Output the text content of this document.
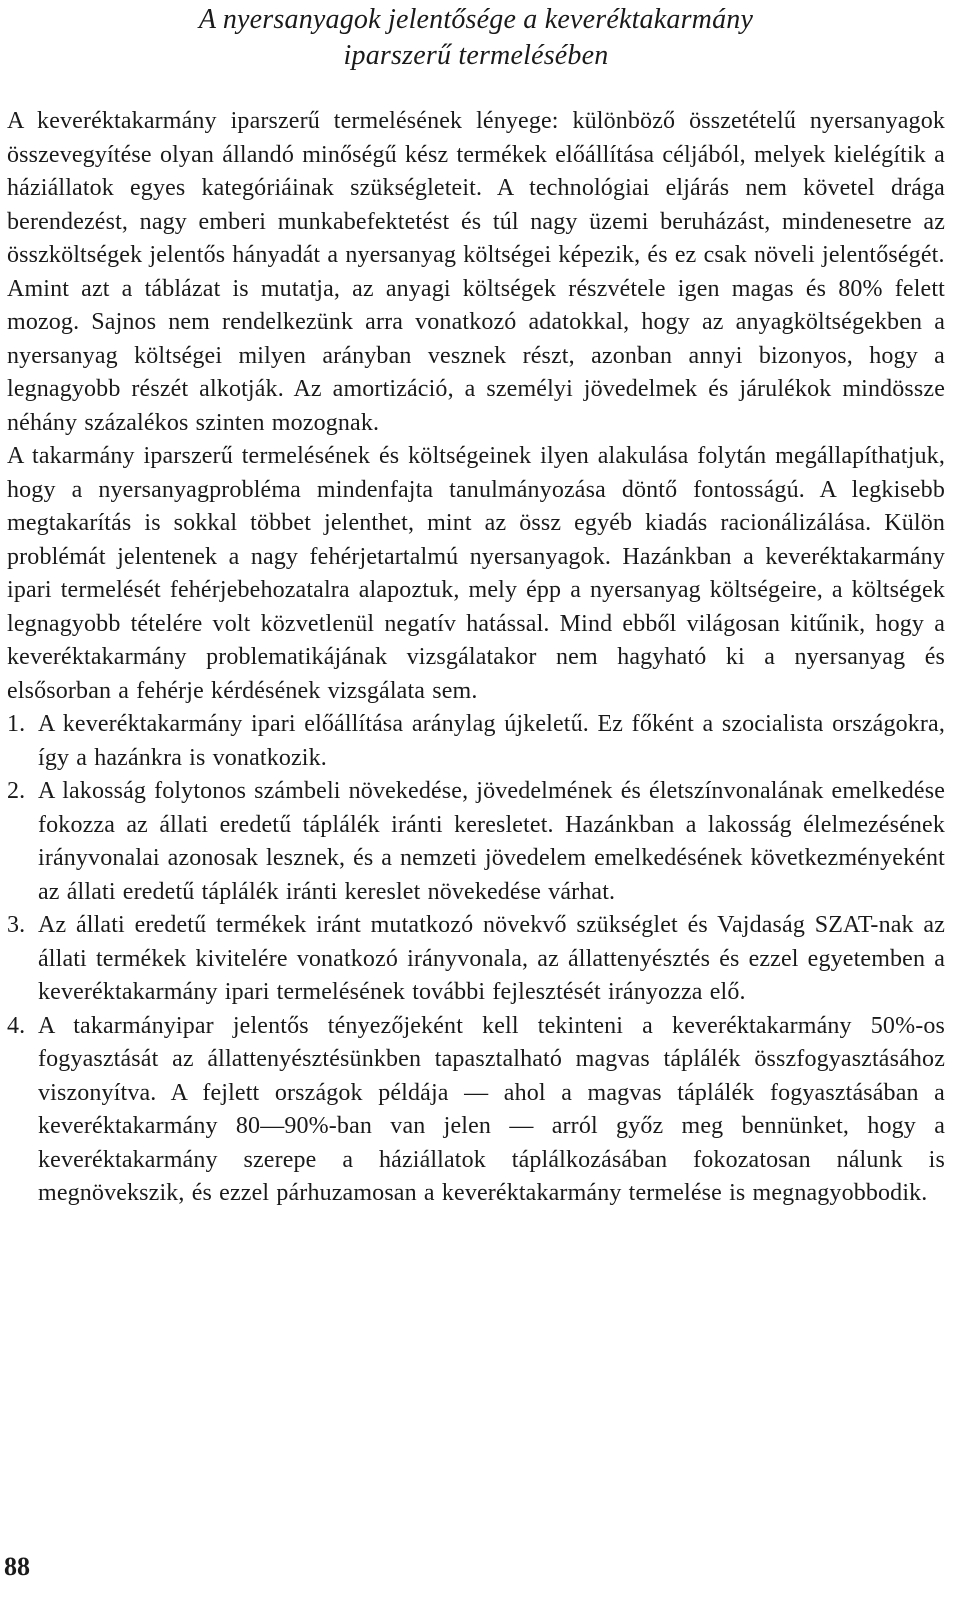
A nyersanyagok jelentősége a keveréktakarmány
iparszerű termelésében

A keveréktakarmány iparszerű termelésének lényege: különböző összetételű nyersanyagok összevegyítése olyan állandó minőségű kész termékek előállítása céljából, melyek kielégítik a háziállatok egyes kategóriáinak szükségleteit. A technológiai eljárás nem követel drága berendezést, nagy emberi munkabefektetést és túl nagy üzemi beruházást, mindenesetre az összköltségek jelentős hányadát a nyersanyag költségei képezik, és ez csak növeli jelentőségét.

Amint azt a táblázat is mutatja, az anyagi költségek részvétele igen magas és 80% felett mozog. Sajnos nem rendelkezünk arra vonatkozó adatokkal, hogy az anyagköltségekben a nyersanyag költségei milyen arányban vesznek részt, azonban annyi bizonyos, hogy a legnagyobb részét alkotják. Az amortizáció, a személyi jövedelmek és járulékok mindössze néhány százalékos szinten mozognak.

A takarmány iparszerű termelésének és költségeinek ilyen alakulása folytán megállapíthatjuk, hogy a nyersanyagprobléma mindenfajta tanulmányozása döntő fontosságú. A legkisebb megtakarítás is sokkal többet jelenthet, mint az össz egyéb kiadás racionálizálása. Külön problémát jelentenek a nagy fehérjetartalmú nyersanyagok. Hazánkban a keveréktakarmány ipari termelését fehérjebehozatalra alapoztuk, mely épp a nyersanyag költségeire, a költségek legnagyobb tételére volt közvetlenül negatív hatással. Mind ebből világosan kitűnik, hogy a keveréktakarmány problematikájának vizsgálatakor nem hagyható ki a nyersanyag és elsősorban a fehérje kérdésének vizsgálata sem.

1. A keveréktakarmány ipari előállítása aránylag újkeletű. Ez főként a szocialista országokra, így a hazánkra is vonatkozik.
2. A lakosság folytonos számbeli növekedése, jövedelmének és életszínvonalának emelkedése fokozza az állati eredetű táplálék iránti keresletet. Hazánkban a lakosság élelmezésének irányvonalai azonosak lesznek, és a nemzeti jövedelem emelkedésének következményeként az állati eredetű táplálék iránti kereslet növekedése várhat.
3. Az állati eredetű termékek iránt mutatkozó növekvő szükséglet és Vajdaság SZAT-nak az állati termékek kivitelére vonatkozó irányvonala, az állattenyésztés és ezzel egyetemben a keveréktakarmány ipari termelésének további fejlesztését irányozza elő.
4. A takarmányipar jelentős tényezőjeként kell tekinteni a keveréktakarmány 50%-os fogyasztását az állattenyésztésünkben tapasztalható magvas táplálék összfogyasztásához viszonyítva. A fejlett országok példája — ahol a magvas táplálék fogyasztásában a keveréktakarmány 80—90%-ban van jelen — arról győz meg bennünket, hogy a keveréktakarmány szerepe a háziállatok táplálkozásában fokozatosan nálunk is megnövekszik, és ezzel párhuzamosan a keveréktakarmány termelése is megnagyobbodik.
88
